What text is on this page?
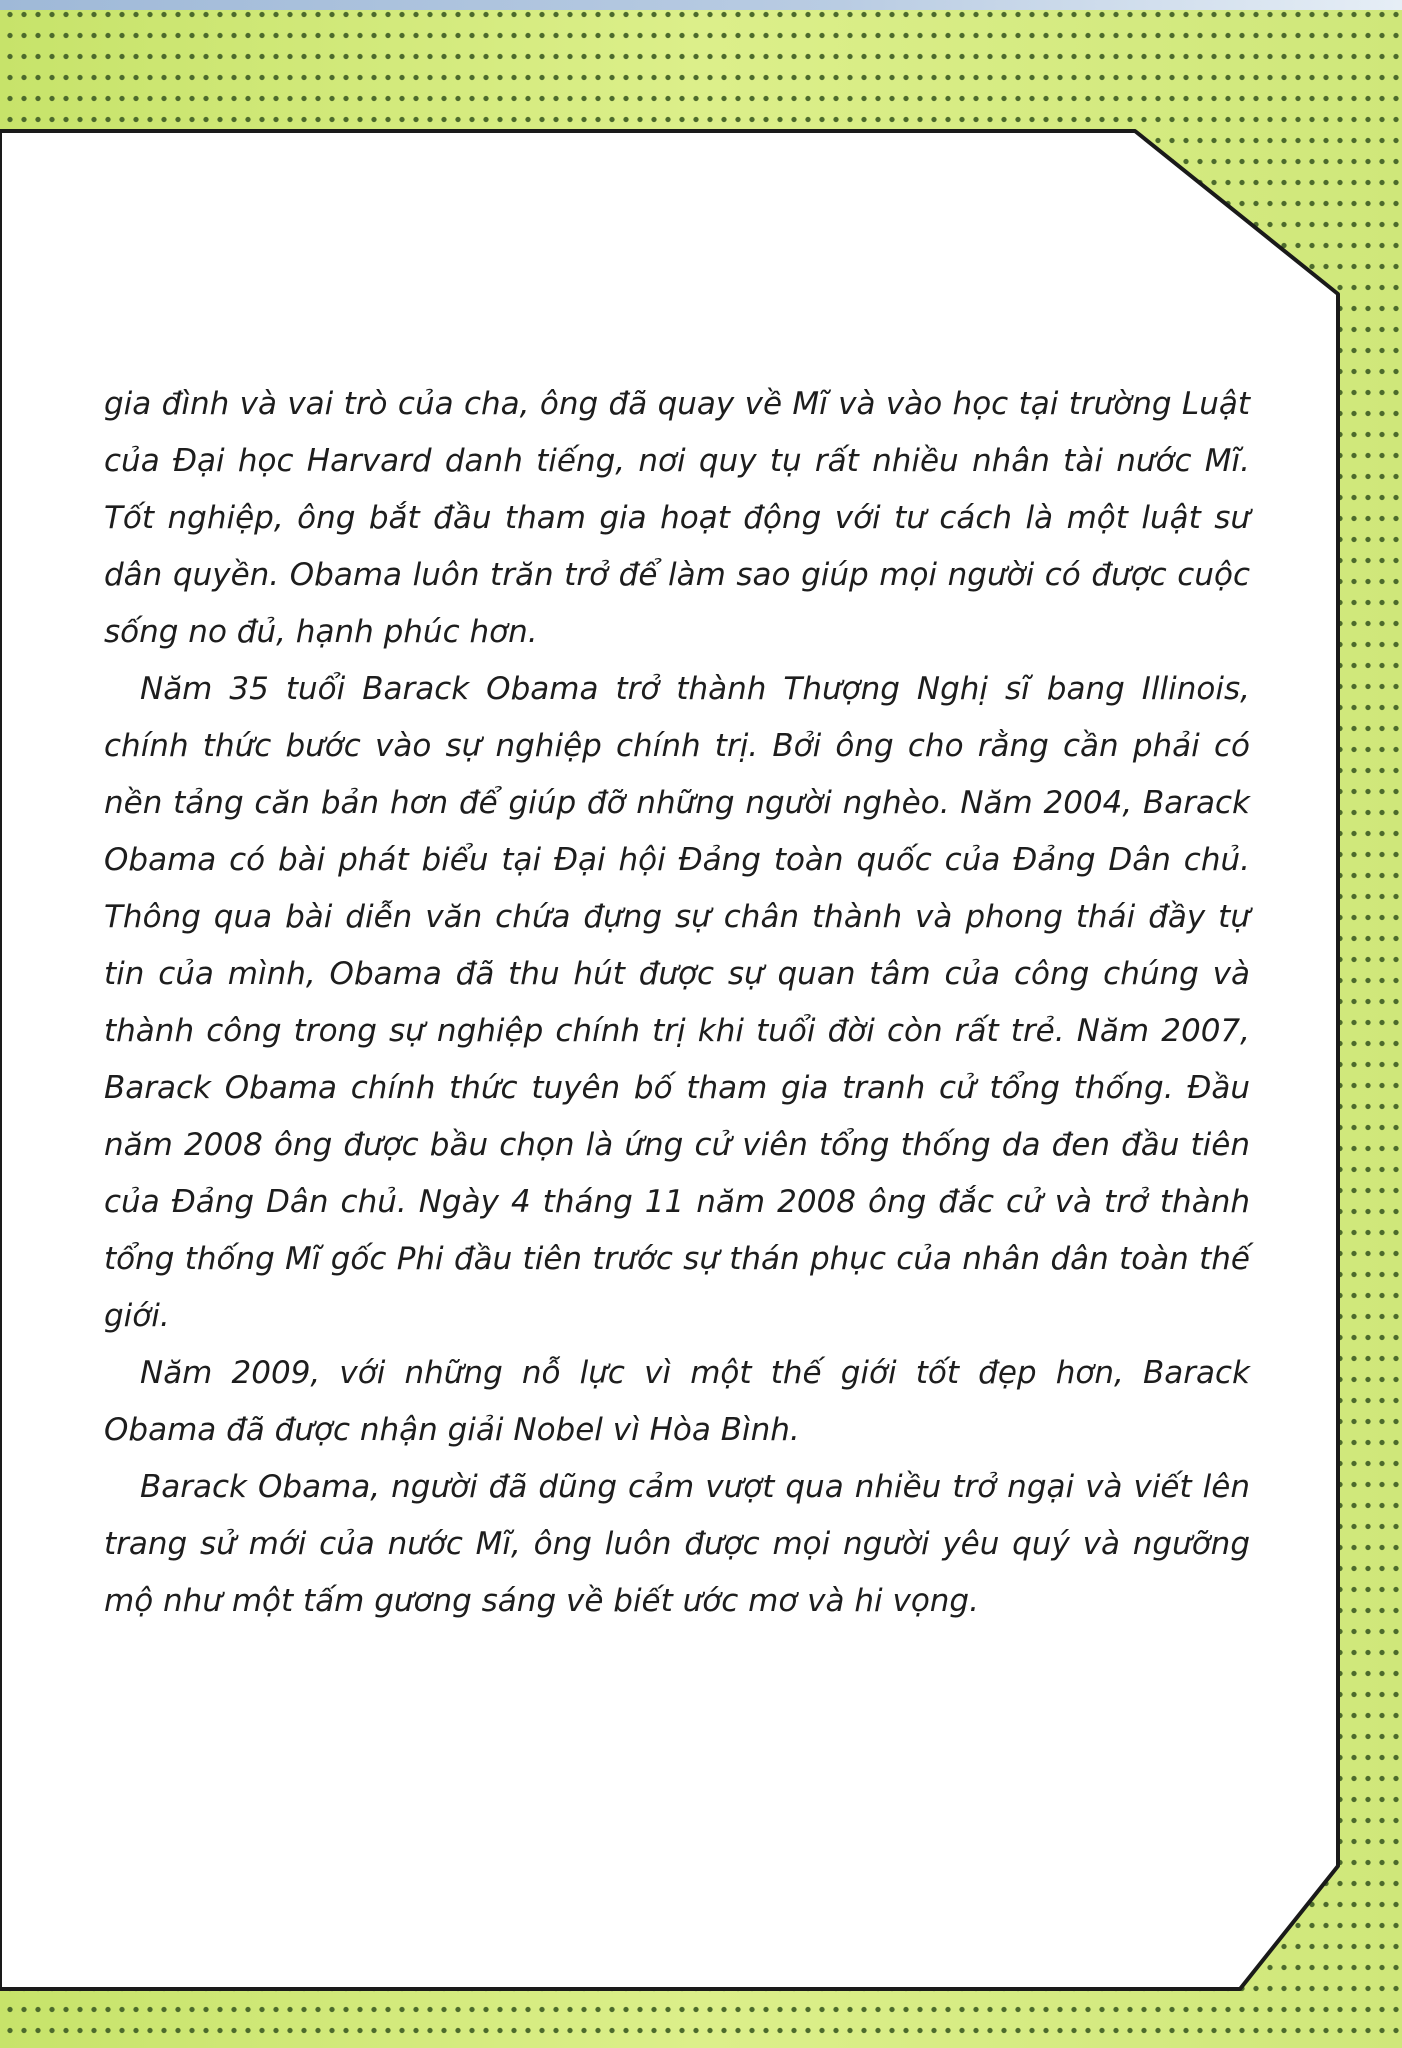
gia đình và vai trò của cha, ông đã quay về Mĩ và vào học tại trường Luật của Đại học Harvard danh tiếng, nơi quy tụ rất nhiều nhân tài nước Mĩ. Tốt nghiệp, ông bắt đầu tham gia hoạt động với tư cách là một luật sư dân quyền. Obama luôn trăn trở để làm sao giúp mọi người có được cuộc sống no đủ, hạnh phúc hơn.

Năm 35 tuổi Barack Obama trở thành Thượng Nghị sĩ bang Illinois, chính thức bước vào sự nghiệp chính trị. Bởi ông cho rằng cần phải có nền tảng căn bản hơn để giúp đỡ những người nghèo. Năm 2004, Barack Obama có bài phát biểu tại Đại hội Đảng toàn quốc của Đảng Dân chủ. Thông qua bài diễn văn chứa đựng sự chân thành và phong thái đầy tự tin của mình, Obama đã thu hút được sự quan tâm của công chúng và thành công trong sự nghiệp chính trị khi tuổi đời còn rất trẻ. Năm 2007, Barack Obama chính thức tuyên bố tham gia tranh cử tổng thống. Đầu năm 2008 ông được bầu chọn là ứng cử viên tổng thống da đen đầu tiên của Đảng Dân chủ. Ngày 4 tháng 11 năm 2008 ông đắc cử và trở thành tổng thống Mĩ gốc Phi đầu tiên trước sự thán phục của nhân dân toàn thế giới.

Năm 2009, với những nỗ lực vì một thế giới tốt đẹp hơn, Barack Obama đã được nhận giải Nobel vì Hòa Bình.

Barack Obama, người đã dũng cảm vượt qua nhiều trở ngại và viết lên trang sử mới của nước Mĩ, ông luôn được mọi người yêu quý và ngưỡng mộ như một tấm gương sáng về biết ước mơ và hi vọng.
